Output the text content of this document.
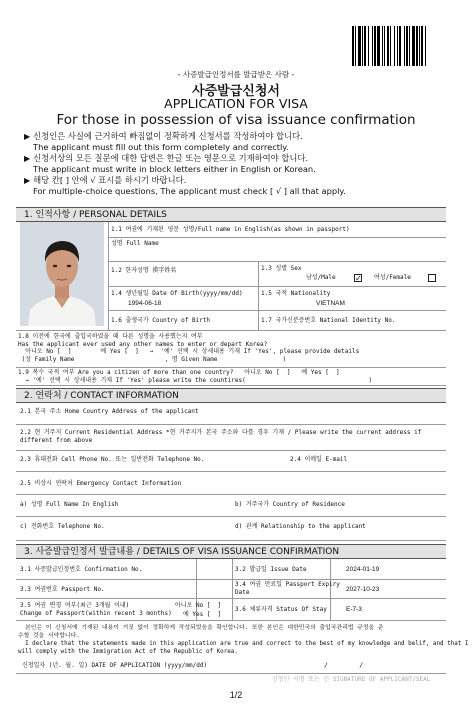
- 사증발급인정서를 발급받은 사람 -
사증발급신청서
APPLICATION FOR VISA
For those in possession of visa issuance confirmation
▶ 신청인은 사실에 근거하여 빠짐없이 정확하게 신청서를 작성하여야 합니다.
The applicant must fill out this form completely and correctly.
▶ 신청서상의 모든 질문에 대한 답변은 한글 또는 영문으로 기재하여야 합니다.
The applicant must write in block letters either in English or Korean.
▶ 해당 칸[ ] 안에 √ 표시를 하시기 바랍니다.
For multiple-choice questions, The applicant must check [ √ ] all that apply.
1. 인적사항 / PERSONAL DETAILS
1.1 여권에 기재된 영문 성명/Full name in English(as shown in passport)
성명 Full Name
1.2 한자성명 漢字姓名	1.3 성별 Sex
남성/Male ✓ 여성/Female
1.4 생년월일 Date Of Birth(yyyy/mm/dd)
1994-06-18
1.5 국적 Nationality
VIETNAM
1.6 출생국가 Country of Birth	1.7 국가신분증번호 National Identity No.
1.8 이전에 한국에 출입국하였을 때 다른 성명을 사용했는지 여부
Has the applicant ever used any other names to enter or depart Korea?
아니오 No [  ]        예 Yes [  ]   →  '예' 선택 시 상세내용 기재 If 'Yes', please provide details
(성 Family Name                         , 명 Given Name                  )
1.9 복수 국적 여부 Are you a citizen of more than one country?   아니오 No [  ]   예 Yes [  ]
→ '예' 선택 시 상세내용 기재 If 'Yes' please write the countires(                                  )
2. 연락처 / CONTACT INFORMATION
2.1 본국 주소 Home Country Address of the applicant
2.2 현 거주지 Current Residential Address *현 거주지가 본국 주소와 다를 경우 기재 / Please write the current address if
different from above
2.3 휴대전화 Cell Phone No. 또는 일반전화 Telephone No.	2.4 이메일 E-mail
2.5 비상시 연락처 Emergency Contact Information
a) 성명 Full Name In English	b) 거주국가 Country of Residence
c) 전화번호 Telephone No.	d) 관계 Relationship to the applicant
3. 사증발급인정서 발급내용 / DETAILS OF VISA ISSUANCE CONFIRMATION
3.1 사증발급인정번호 Confirmation No.	3.2 발급일 Issue Date	2024-01-19
3.3 여권번호 Passport No.
3.4 여권 만료일 Passport Expiry
Date	2027-10-23
3.5 여권 변경 여부(최근 3개월 이내)
Change of Passport(within recent 3 months)
아니오 No [  ]
예 Yes [  ]
3.6 체류자격 Status Of Stay	E-7-3
본인은 이 신청서에 기재된 내용이 거짓 없이 정확하게 작성되었음을 확인합니다. 또한 본인은 대한민국의 출입국관리법 규정을 준
수할 것을 서약합니다.
I declare that the statements made in this application are true and correct to the best of my knowledge and belif, and that I
will comply with the Immigration Act of the Republic of Korea.
신청일자 (년. 월. 일) DATE OF APPLICATION (yyyy/mm/dd)	/        /
신청인 서명 또는 인 SIGNATURE OF APPLICANT/SEAL
1/2
